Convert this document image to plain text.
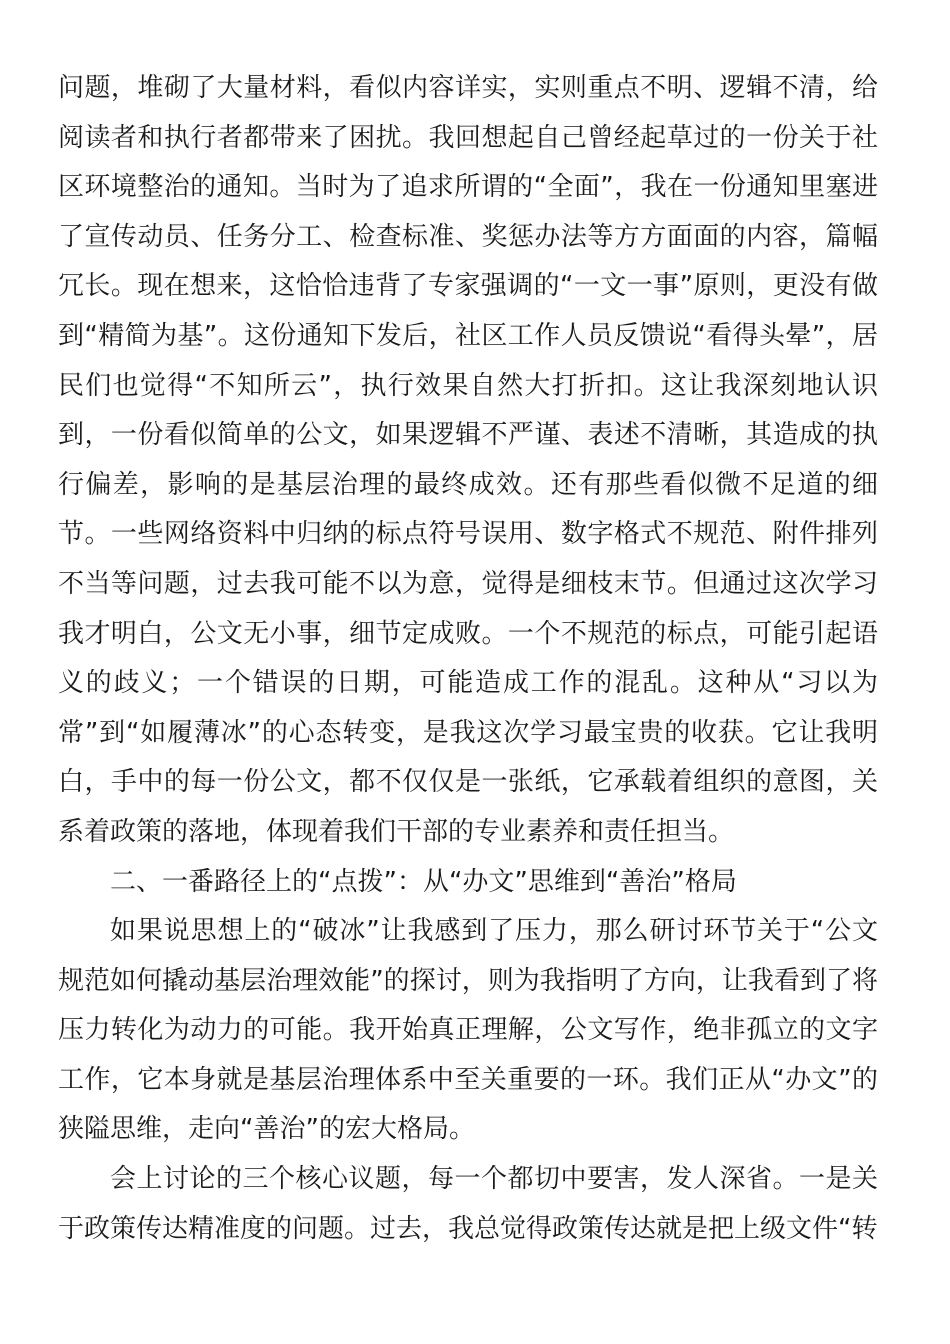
问题，堆砌了大量材料，看似内容详实，实则重点不明、逻辑不清，给阅读者和执行者都带来了困扰。我回想起自己曾经起草过的一份关于社区环境整治的通知。当时为了追求所谓的“全面”，我在一份通知里塞进了宣传动员、任务分工、检查标准、奖惩办法等方方面面的内容，篇幅冗长。现在想来，这恰恰违背了专家强调的“一文一事”原则，更没有做到“精简为基”。这份通知下发后，社区工作人员反馈说“看得头晕”，居民们也觉得“不知所云”，执行效果自然大打折扣。这让我深刻地认识到，一份看似简单的公文，如果逻辑不严谨、表述不清晰，其造成的执行偏差，影响的是基层治理的最终成效。还有那些看似微不足道的细节。一些网络资料中归纳的标点符号误用、数字格式不规范、附件排列不当等问题，过去我可能不以为意，觉得是细枝末节。但通过这次学习我才明白，公文无小事，细节定成败。一个不规范的标点，可能引起语义的歧义；一个错误的日期，可能造成工作的混乱。这种从“习以为常”到“如履薄冰”的心态转变，是我这次学习最宝贵的收获。它让我明白，手中的每一份公文，都不仅仅是一张纸，它承载着组织的意图，关系着政策的落地，体现着我们干部的专业素养和责任担当。

二、一番路径上的“点拨”：从“办文”思维到“善治”格局

如果说思想上的“破冰”让我感到了压力，那么研讨环节关于“公文规范如何撬动基层治理效能”的探讨，则为我指明了方向，让我看到了将压力转化为动力的可能。我开始真正理解，公文写作，绝非孤立的文字工作，它本身就是基层治理体系中至关重要的一环。我们正从“办文”的狭隘思维，走向“善治”的宏大格局。

会上讨论的三个核心议题，每一个都切中要害，发人深省。一是关于政策传达精准度的问题。过去，我总觉得政策传达就是把上级文件“转
